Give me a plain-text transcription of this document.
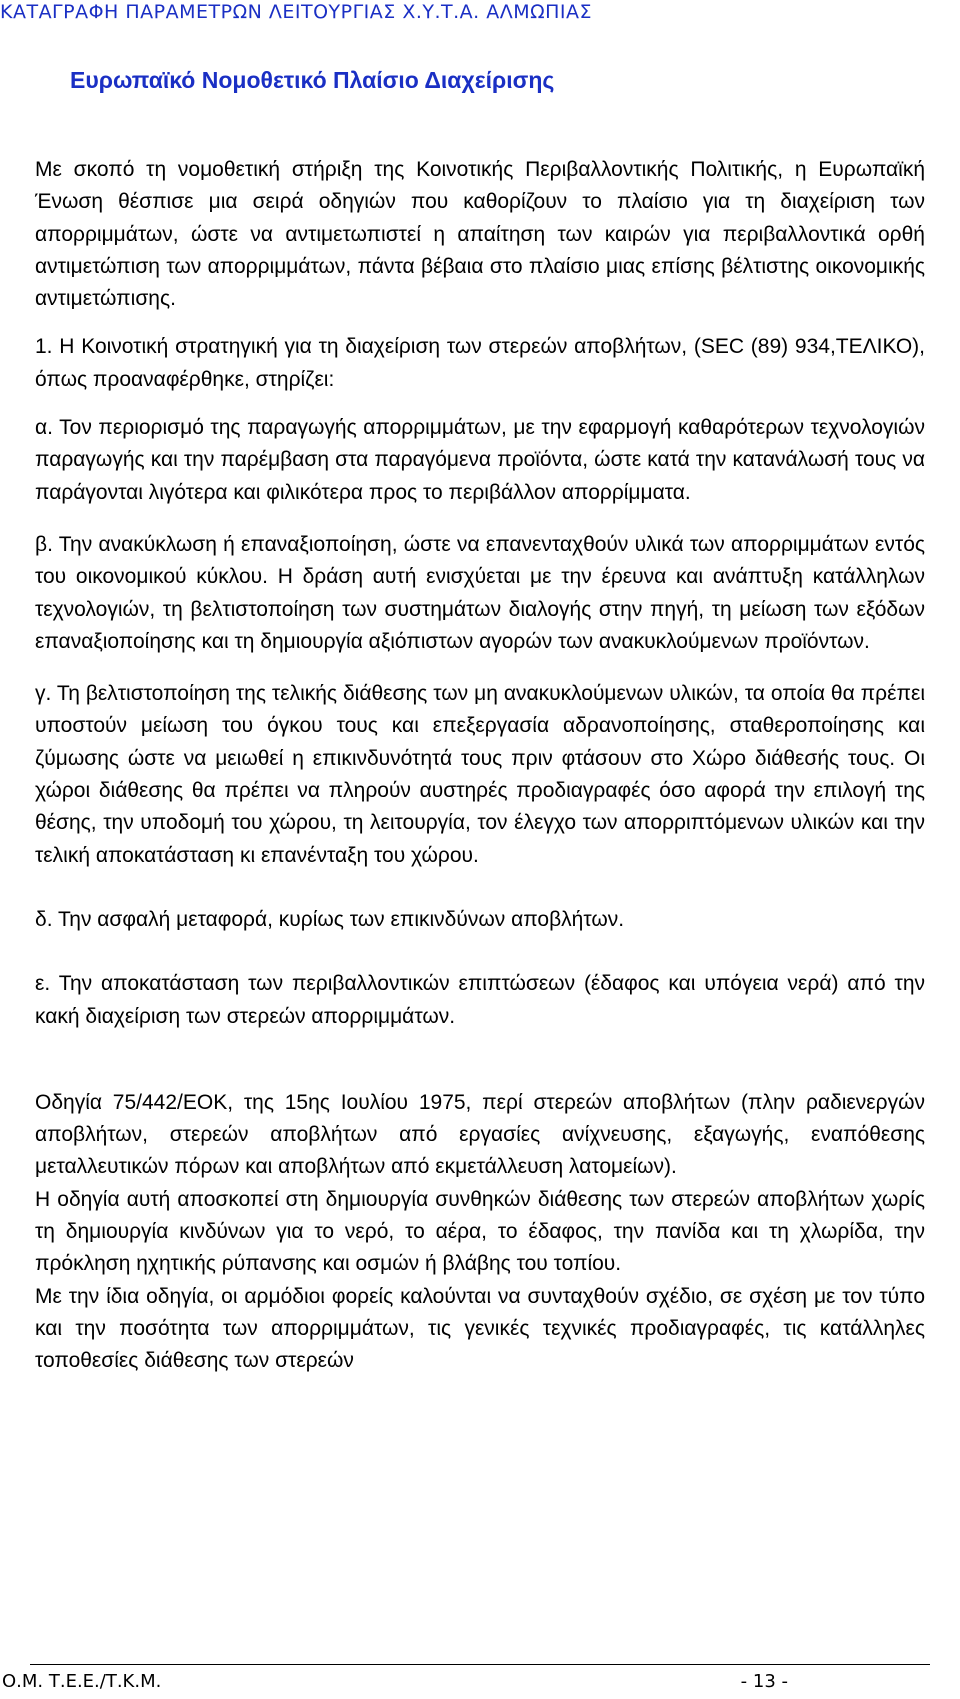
ΚΑΤΑΓΡΑΦΗ ΠΑΡΑΜΕΤΡΩΝ ΛΕΙΤΟΥΡΓΙΑΣ Χ.Υ.Τ.Α. ΑΛΜΩΠΙΑΣ
Ευρωπαϊκό Νομοθετικό Πλαίσιο Διαχείρισης

Με σκοπό τη νομοθετική στήριξη της Κοινοτικής Περιβαλλοντικής Πολιτικής, η Ευρωπαϊκή Ένωση θέσπισε μια σειρά οδηγιών που καθορίζουν το πλαίσιο για τη διαχείριση των απορριμμάτων, ώστε να αντιμετωπιστεί η απαίτηση των καιρών για περιβαλλοντικά ορθή αντιμετώπιση των απορριμμάτων, πάντα βέβαια στο πλαίσιο μιας επίσης βέλτιστης οικονομικής αντιμετώπισης.

1. Η Κοινοτική στρατηγική για τη διαχείριση των στερεών αποβλήτων, (SEC (89) 934,ΤΕΛΙΚΟ), όπως προαναφέρθηκε, στηρίζει:

α. Τον περιορισμό της παραγωγής απορριμμάτων, με την εφαρμογή καθαρότερων τεχνολογιών παραγωγής και την παρέμβαση στα παραγόμενα προϊόντα, ώστε κατά την κατανάλωσή τους να παράγονται λιγότερα και φιλικότερα προς το περιβάλλον απορρίμματα.

β. Την ανακύκλωση ή επαναξιοποίηση, ώστε να επανενταχθούν υλικά των απορριμμάτων εντός του οικονομικού κύκλου. Η δράση αυτή ενισχύεται με την έρευνα και ανάπτυξη κατάλληλων τεχνολογιών, τη βελτιστοποίηση των συστημάτων διαλογής στην πηγή, τη μείωση των εξόδων επαναξιοποίησης και τη δημιουργία αξιόπιστων αγορών των ανακυκλούμενων προϊόντων.

γ. Τη βελτιστοποίηση της τελικής διάθεσης των μη ανακυκλούμενων υλικών, τα οποία θα πρέπει υποστούν μείωση του όγκου τους και επεξεργασία αδρανοποίησης, σταθεροποίησης και ζύμωσης ώστε να μειωθεί η επικινδυνότητά τους πριν φτάσουν στο Χώρο διάθεσής τους. Οι χώροι διάθεσης θα πρέπει να πληρούν αυστηρές προδιαγραφές όσο αφορά την επιλογή της θέσης, την υποδομή του χώρου, τη λειτουργία, τον έλεγχο των απορριπτόμενων υλικών και την τελική αποκατάσταση κι επανένταξη του χώρου.

δ. Την ασφαλή μεταφορά, κυρίως των επικινδύνων αποβλήτων.

ε. Την αποκατάσταση των περιβαλλοντικών επιπτώσεων (έδαφος και υπόγεια νερά) από την κακή διαχείριση των στερεών απορριμμάτων.

Οδηγία 75/442/ΕΟΚ, της 15ης Ιουλίου 1975, περί στερεών αποβλήτων (πλην ραδιενεργών αποβλήτων, στερεών αποβλήτων από εργασίες ανίχνευσης, εξαγωγής, εναπόθεσης μεταλλευτικών πόρων και αποβλήτων από εκμετάλλευση λατομείων).

Η οδηγία αυτή αποσκοπεί στη δημιουργία συνθηκών διάθεσης των στερεών αποβλήτων χωρίς τη δημιουργία κινδύνων για το νερό, το αέρα, το έδαφος, την πανίδα και τη χλωρίδα, την πρόκληση ηχητικής ρύπανσης και οσμών ή βλάβης του τοπίου.

Με την ίδια οδηγία, οι αρμόδιοι φορείς καλούνται να συνταχθούν σχέδιο, σε σχέση με τον τύπο και την ποσότητα των απορριμμάτων, τις γενικές τεχνικές προδιαγραφές, τις κατάλληλες τοποθεσίες διάθεσης των στερεών

Ο.Μ. Τ.Ε.Ε./Τ.Κ.Μ.	- 13 -
